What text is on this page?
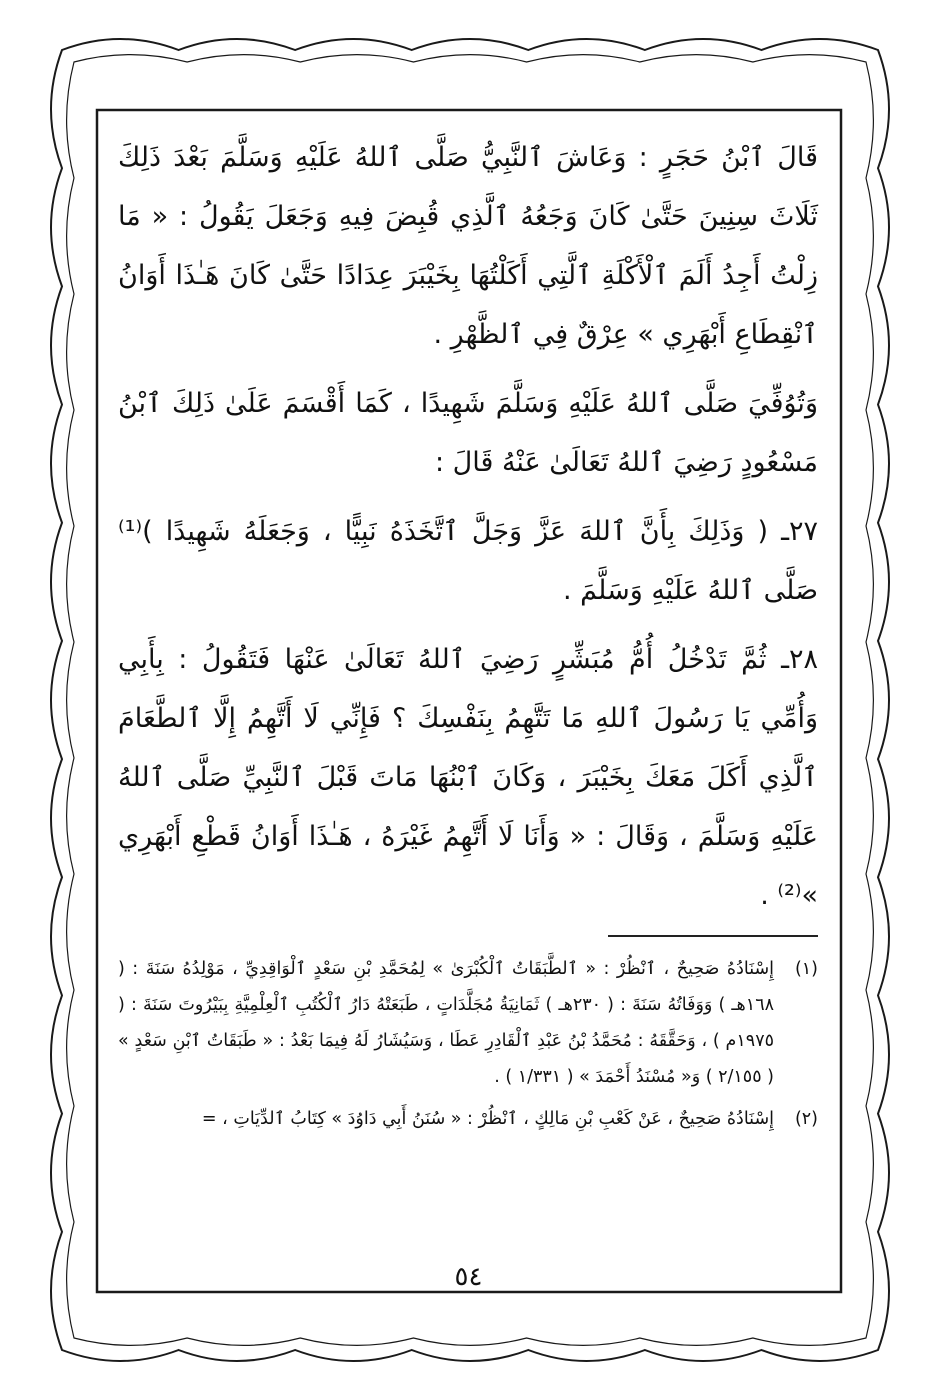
قَالَ ٱبْنُ حَجَرٍ : وَعَاشَ ٱلنَّبِيُّ صَلَّى ٱللهُ عَلَيْهِ وَسَلَّمَ بَعْدَ ذَلِكَ ثَلَاثَ سِنِينَ حَتَّىٰ كَانَ وَجَعُهُ ٱلَّذِي قُبِضَ فِيهِ وَجَعَلَ يَقُولُ : « مَا زِلْتُ أَجِدُ أَلَمَ ٱلْأَكْلَةِ ٱلَّتِي أَكَلْتُهَا بِخَيْبَرَ عِدَادًا حَتَّىٰ كَانَ هَـٰذَا أَوَانُ ٱنْقِطَاعِ أَبْهَرِي » عِرْقٌ فِي ٱلظَّهْرِ .

وَتُوُفِّيَ صَلَّى ٱللهُ عَلَيْهِ وَسَلَّمَ شَهِيدًا ، كَمَا أَقْسَمَ عَلَىٰ ذَلِكَ ٱبْنُ مَسْعُودٍ رَضِيَ ٱللهُ تَعَالَىٰ عَنْهُ قَالَ :

٢٧ـ ( وَذَلِكَ بِأَنَّ ٱللهَ عَزَّ وَجَلَّ ٱتَّخَذَهُ نَبِيًّا ، وَجَعَلَهُ شَهِيدًا )⁽¹⁾ صَلَّى ٱللهُ عَلَيْهِ وَسَلَّمَ .

٢٨ـ ثُمَّ تَدْخُلُ أُمُّ مُبَشِّرٍ رَضِيَ ٱللهُ تَعَالَىٰ عَنْهَا فَتَقُولُ : بِأَبِي وَأُمِّي يَا رَسُولَ ٱللهِ مَا تَتَّهِمُ بِنَفْسِكَ ؟ فَإِنِّي لَا أَتَّهِمُ إِلَّا ٱلطَّعَامَ ٱلَّذِي أَكَلَ مَعَكَ بِخَيْبَرَ ، وَكَانَ ٱبْنُهَا مَاتَ قَبْلَ ٱلنَّبِيِّ صَلَّى ٱللهُ عَلَيْهِ وَسَلَّمَ ، وَقَالَ : « وَأَنَا لَا أَتَّهِمُ غَيْرَهُ ، هَـٰذَا أَوَانُ قَطْعِ أَبْهَرِي »⁽²⁾ .

(١)
إِسْنَادُهُ صَحِيحٌ ، ٱنْظُرْ : « ٱلطَّبَقَاتُ ٱلْكُبْرَىٰ » لِمُحَمَّدِ بْنِ سَعْدٍ ٱلْوَاقِدِيِّ ، مَوْلِدُهُ سَنَةَ : ( ١٦٨هـ ) وَوَفَاتُهُ سَنَةَ : ( ٢٣٠هـ ) ثَمَانِيَةُ مُجَلَّدَاتٍ ، طَبَعَتْهُ دَارُ ٱلْكُتُبِ ٱلْعِلْمِيَّةِ بِبَيْرُوتَ سَنَةَ : ( ١٩٧٥م ) ، وَحَقَّقَهُ : مُحَمَّدُ بْنُ عَبْدِ ٱلْقَادِرِ عَطَا ، وَسَيُشَارُ لَهُ فِيمَا بَعْدُ : « طَبَقَاتُ ٱبْنِ سَعْدٍ » ( ٢/١٥٥ ) وَ« مُسْنَدُ أَحْمَدَ » ( ١/٣٣١ ) .
(٢)
إِسْنَادُهُ صَحِيحٌ ، عَنْ كَعْبِ بْنِ مَالِكٍ ، ٱنْظُرْ : « سُنَنُ أَبِي دَاوُدَ » كِتَابُ ٱلدِّيَاتِ ، =
٥٤
